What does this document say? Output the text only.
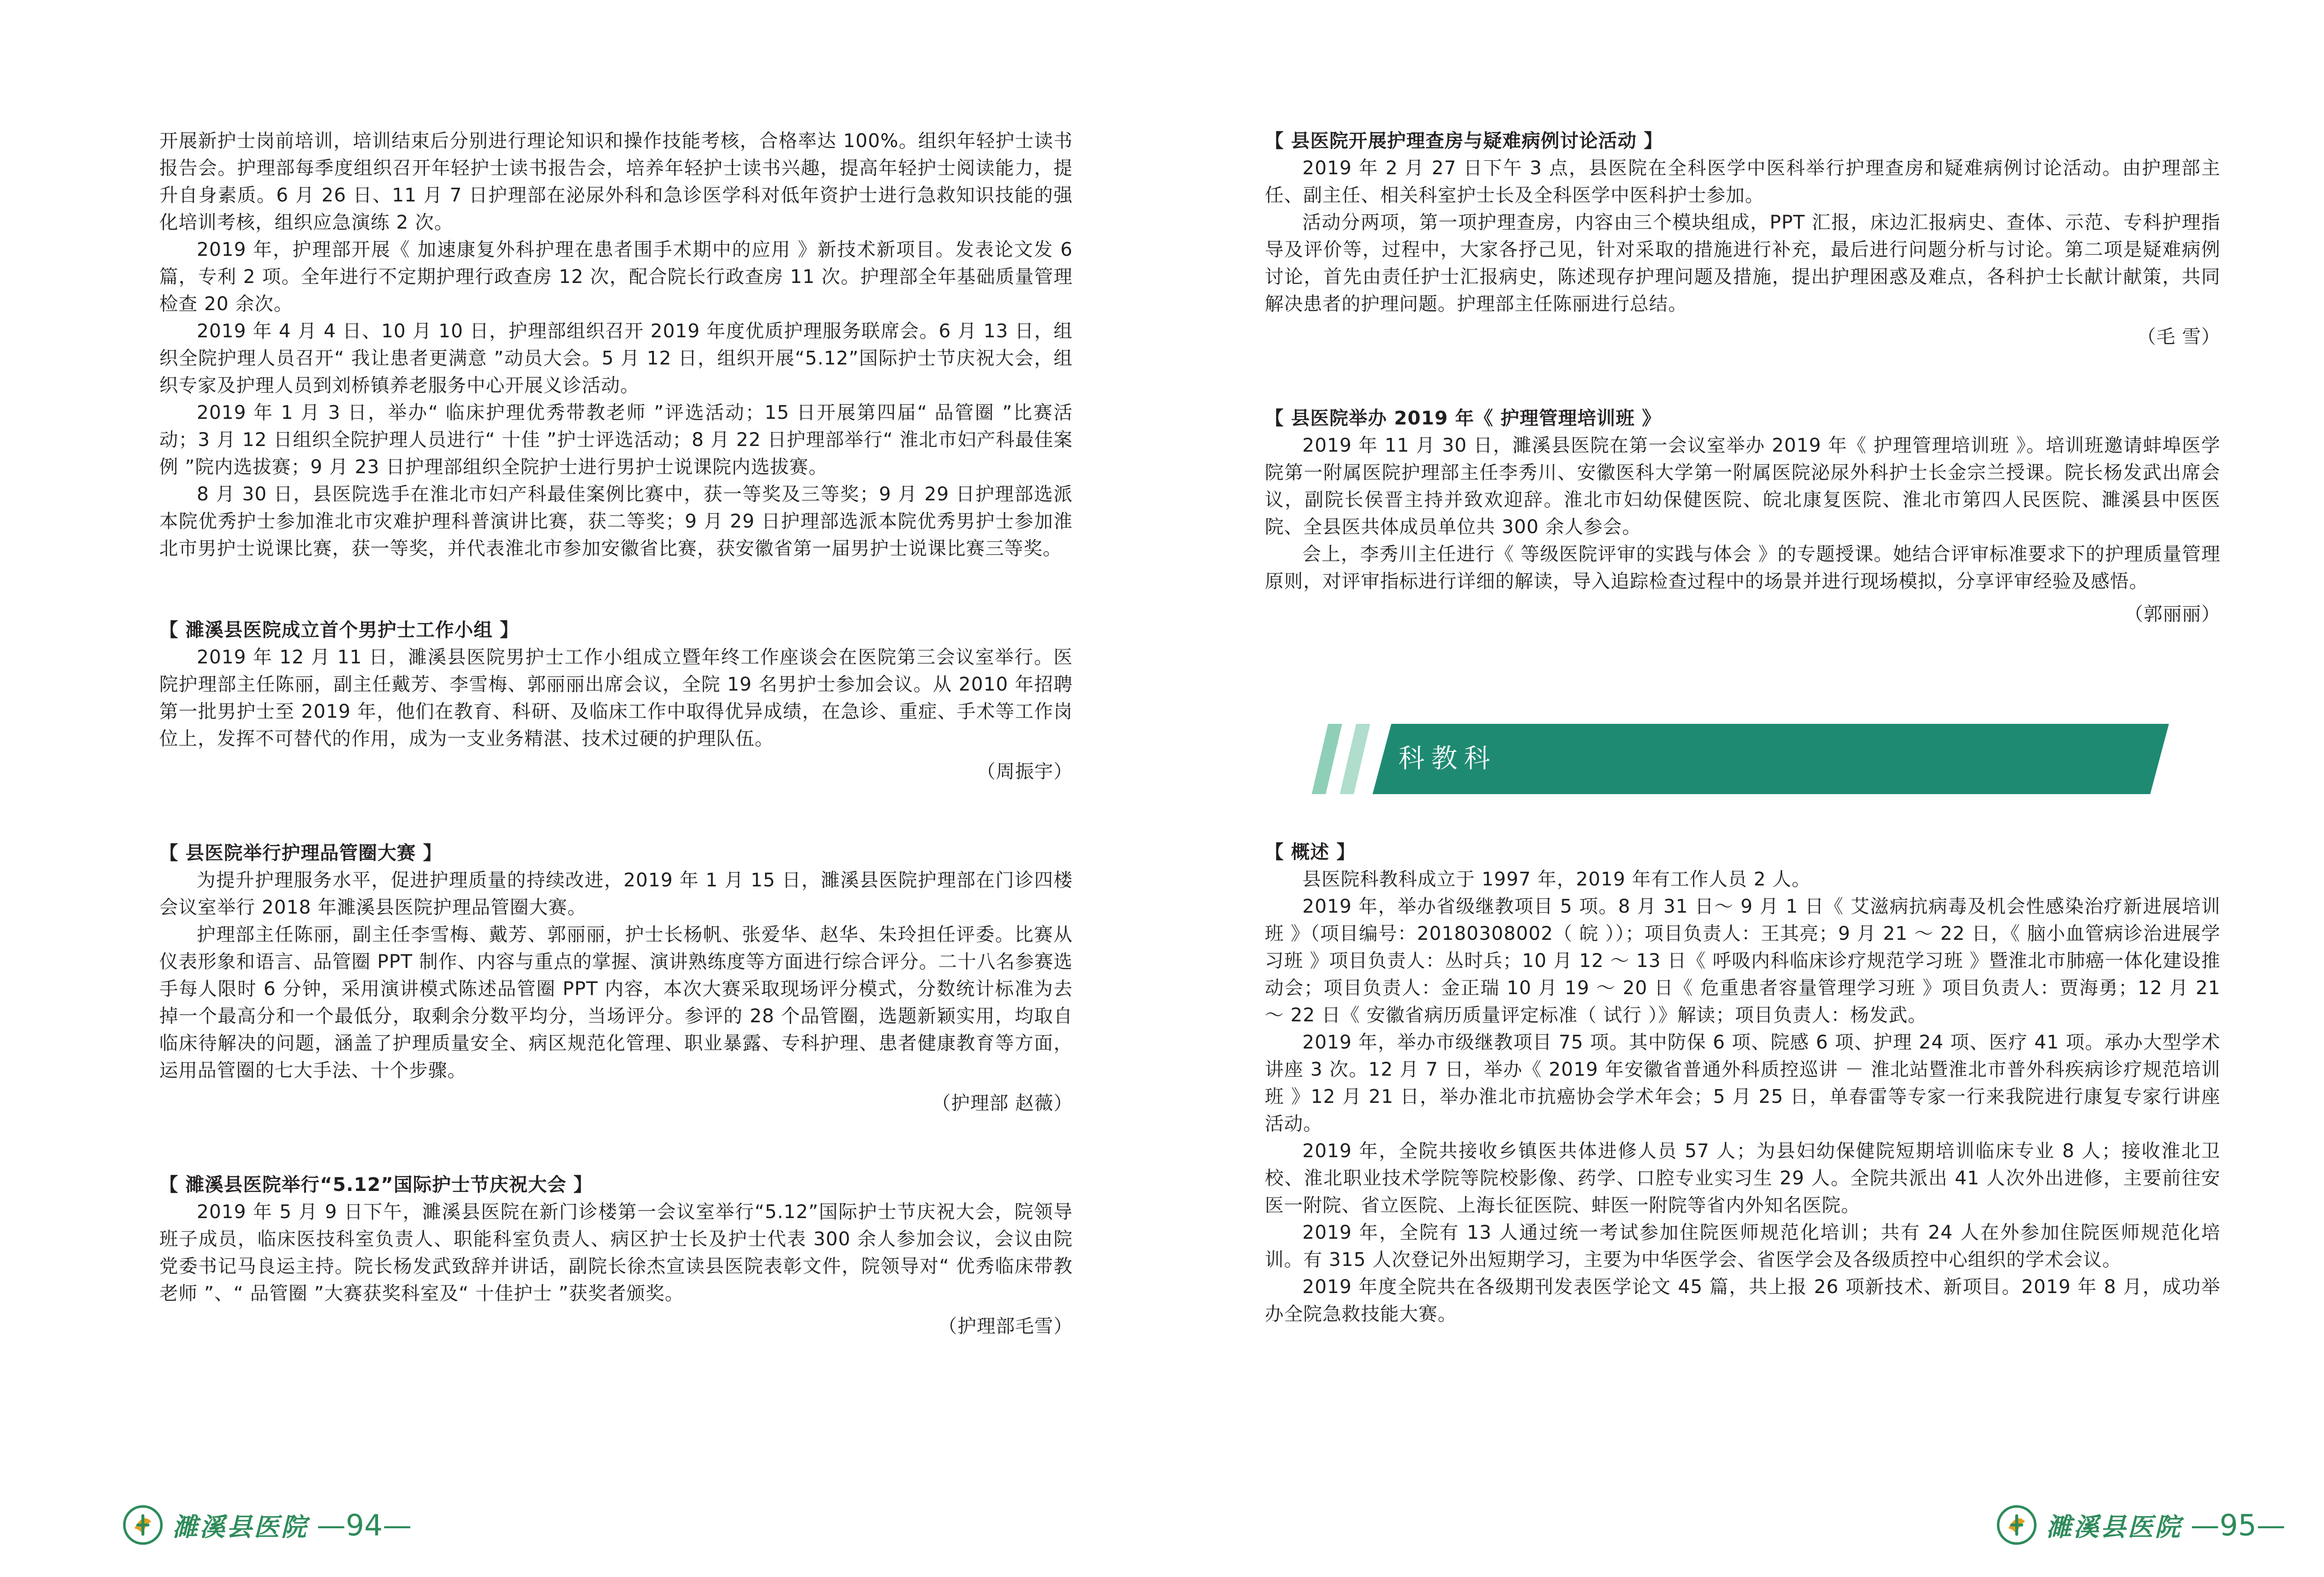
开展新护士岗前培训，培训结束后分别进行理论知识和操作技能考核，合格率达 100%。组织年轻护士读书报告会。护理部每季度组织召开年轻护士读书报告会，培养年轻护士读书兴趣，提高年轻护士阅读能力，提升自身素质。6 月 26 日、11 月 7 日护理部在泌尿外科和急诊医学科对低年资护士进行急救知识技能的强化培训考核，组织应急演练 2 次。

2019 年，护理部开展《 加速康复外科护理在患者围手术期中的应用 》新技术新项目。发表论文发 6 篇，专利 2 项。全年进行不定期护理行政查房 12 次，配合院长行政查房 11 次。护理部全年基础质量管理检查 20 余次。

2019 年 4 月 4 日、10 月 10 日，护理部组织召开 2019 年度优质护理服务联席会。6 月 13 日，组织全院护理人员召开“ 我让患者更满意 ”动员大会。5 月 12 日，组织开展“5.12”国际护士节庆祝大会，组织专家及护理人员到刘桥镇养老服务中心开展义诊活动。

2019 年 1 月 3 日，举办“ 临床护理优秀带教老师 ”评选活动；15 日开展第四届“ 品管圈 ”比赛活动；3 月 12 日组织全院护理人员进行“ 十佳 ”护士评选活动；8 月 22 日护理部举行“ 淮北市妇产科最佳案例 ”院内选拔赛；9 月 23 日护理部组织全院护士进行男护士说课院内选拔赛。

8 月 30 日，县医院选手在淮北市妇产科最佳案例比赛中，获一等奖及三等奖；9 月 29 日护理部选派本院优秀护士参加淮北市灾难护理科普演讲比赛，获二等奖；9 月 29 日护理部选派本院优秀男护士参加淮北市男护士说课比赛，获一等奖，并代表淮北市参加安徽省比赛，获安徽省第一届男护士说课比赛三等奖。

【 濉溪县医院成立首个男护士工作小组 】

2019 年 12 月 11 日，濉溪县医院男护士工作小组成立暨年终工作座谈会在医院第三会议室举行。医院护理部主任陈丽，副主任戴芳、李雪梅、郭丽丽出席会议，全院 19 名男护士参加会议。从 2010 年招聘第一批男护士至 2019 年，他们在教育、科研、及临床工作中取得优异成绩，在急诊、重症、手术等工作岗位上，发挥不可替代的作用，成为一支业务精湛、技术过硬的护理队伍。

（周振宇）
【 县医院举行护理品管圈大赛 】

为提升护理服务水平，促进护理质量的持续改进，2019 年 1 月 15 日，濉溪县医院护理部在门诊四楼会议室举行 2018 年濉溪县医院护理品管圈大赛。

护理部主任陈丽，副主任李雪梅、戴芳、郭丽丽，护士长杨帆、张爱华、赵华、朱玲担任评委。比赛从仪表形象和语言、品管圈 PPT 制作、内容与重点的掌握、演讲熟练度等方面进行综合评分。二十八名参赛选手每人限时 6 分钟，采用演讲模式陈述品管圈 PPT 内容，本次大赛采取现场评分模式，分数统计标准为去掉一个最高分和一个最低分，取剩余分数平均分，当场评分。参评的 28 个品管圈，选题新颖实用，均取自临床待解决的问题，涵盖了护理质量安全、病区规范化管理、职业暴露、专科护理、患者健康教育等方面，运用品管圈的七大手法、十个步骤。

（护理部 赵薇）
【 濉溪县医院举行“5.12”国际护士节庆祝大会 】

2019 年 5 月 9 日下午，濉溪县医院在新门诊楼第一会议室举行“5.12”国际护士节庆祝大会，院领导班子成员，临床医技科室负责人、职能科室负责人、病区护士长及护士代表 300 余人参加会议，会议由院党委书记马良运主持。院长杨发武致辞并讲话，副院长徐杰宣读县医院表彰文件，院领导对“ 优秀临床带教老师 ”、“ 品管圈 ”大赛获奖科室及“ 十佳护士 ”获奖者颁奖。

（护理部毛雪）
濉溪县医院 —94—
【 县医院开展护理查房与疑难病例讨论活动 】

2019 年 2 月 27 日下午 3 点，县医院在全科医学中医科举行护理查房和疑难病例讨论活动。由护理部主任、副主任、相关科室护士长及全科医学中医科护士参加。

活动分两项，第一项护理查房，内容由三个模块组成，PPT 汇报，床边汇报病史、查体、示范、专科护理指导及评价等，过程中，大家各抒己见，针对采取的措施进行补充，最后进行问题分析与讨论。第二项是疑难病例讨论，首先由责任护士汇报病史，陈述现存护理问题及措施，提出护理困惑及难点，各科护士长献计献策，共同解决患者的护理问题。护理部主任陈丽进行总结。

（毛 雪）
【 县医院举办 2019 年《 护理管理培训班 》

2019 年 11 月 30 日，濉溪县医院在第一会议室举办 2019 年《 护理管理培训班 》。培训班邀请蚌埠医学院第一附属医院护理部主任李秀川、安徽医科大学第一附属医院泌尿外科护士长金宗兰授课。院长杨发武出席会议，副院长侯晋主持并致欢迎辞。淮北市妇幼保健医院、皖北康复医院、淮北市第四人民医院、濉溪县中医医院、全县医共体成员单位共 300 余人参会。

会上，李秀川主任进行《 等级医院评审的实践与体会 》的专题授课。她结合评审标准要求下的护理质量管理原则，对评审指标进行详细的解读，导入追踪检查过程中的场景并进行现场模拟，分享评审经验及感悟。

（郭丽丽）
科教科
【 概述 】

县医院科教科成立于 1997 年，2019 年有工作人员 2 人。

2019 年，举办省级继教项目 5 项。8 月 31 日～ 9 月 1 日《 艾滋病抗病毒及机会性感染治疗新进展培训班 》（项目编号：20180308002（ 皖 ））；项目负责人：王其亮；9 月 21 ～ 22 日，《 脑小血管病诊治进展学习班 》项目负责人：丛时兵；10 月 12 ～ 13 日《 呼吸内科临床诊疗规范学习班 》暨淮北市肺癌一体化建设推动会；项目负责人：金正瑞 10 月 19 ～ 20 日《 危重患者容量管理学习班 》项目负责人：贾海勇；12 月 21 ～ 22 日《 安徽省病历质量评定标准（ 试行 ）》解读；项目负责人：杨发武。

2019 年，举办市级继教项目 75 项。其中防保 6 项、院感 6 项、护理 24 项、医疗 41 项。承办大型学术讲座 3 次。12 月 7 日，举办《 2019 年安徽省普通外科质控巡讲 － 淮北站暨淮北市普外科疾病诊疗规范培训班 》12 月 21 日，举办淮北市抗癌协会学术年会；5 月 25 日，单春雷等专家一行来我院进行康复专家行讲座活动。

2019 年，全院共接收乡镇医共体进修人员 57 人；为县妇幼保健院短期培训临床专业 8 人；接收淮北卫校、淮北职业技术学院等院校影像、药学、口腔专业实习生 29 人。全院共派出 41 人次外出进修，主要前往安医一附院、省立医院、上海长征医院、蚌医一附院等省内外知名医院。

2019 年，全院有 13 人通过统一考试参加住院医师规范化培训；共有 24 人在外参加住院医师规范化培训。有 315 人次登记外出短期学习，主要为中华医学会、省医学会及各级质控中心组织的学术会议。

2019 年度全院共在各级期刊发表医学论文 45 篇，共上报 26 项新技术、新项目。2019 年 8 月，成功举办全院急救技能大赛。

濉溪县医院 —95—
